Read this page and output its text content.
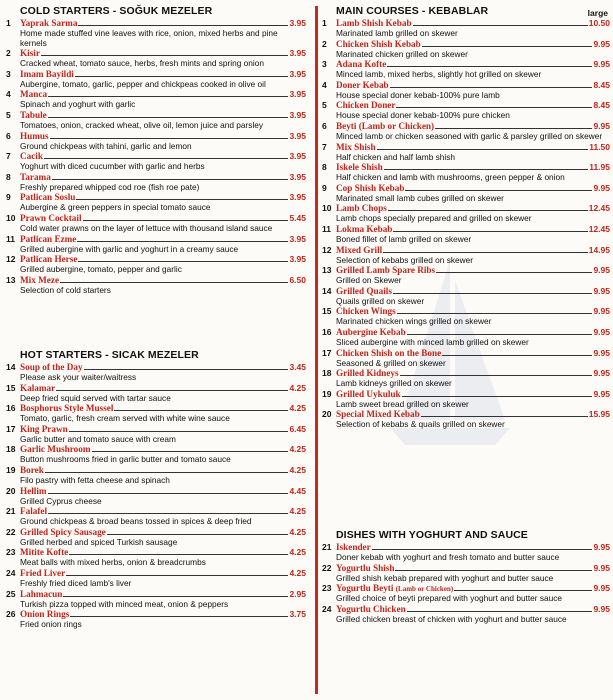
COLD STARTERS - SOĞUK MEZELER
1	Yaprak Sarma	3.95
Home made stuffed vine leaves with rice, onion, mixed herbs and pine kernels
2	Kisir	3.95
Cracked wheat, tomato sauce, herbs, fresh mints and spring onion
3	Imam Bayildi	3.95
Aubergine, tomato, garlic, pepper and chickpeas cooked in olive oil
4	Manca	3.95
Spinach and yoghurt with garlic
5	Tabule	3.95
Tomatoes, onion, cracked wheat, olive oil, lemon juice and parsley
6	Humus	3.95
Ground chickpeas with tahini, garlic and lemon
7	Cacik	3.95
Yoghurt with diced cucumber with garlic and herbs
8	Tarama	3.95
Freshly prepared whipped cod roe (fish roe pate)
9	Patlican Soslu	3.95
Aubergine & green peppers in special tomato sauce
10 Prawn Cocktail	5.45
Cold water prawns on the layer of lettuce with thousand island sauce
11 Patlican Ezme	3.95
Grilled aubergine with garlic and yoghurt in a creamy sauce
12 Patlican Herse	3.95
Grilled aubergine, tomato, pepper and garlic
13 Mix Meze	6.50
Selection of cold starters
HOT STARTERS - SICAK MEZELER
14 Soup of the Day	3.45
Please ask your waiter/waitress
15 Kalamar	4.25
Deep fried squid served with tartar sauce
16 Bosphorus Style Mussel	4.25
Tomato, garlic, fresh cream served with white wine sauce
17 King Prawn	6.45
Garlic butter and tomato sauce with cream
18 Garlic Mushroom	4.25
Button mushrooms fried in garlic butter and tomato sauce
19 Borek	4.25
Filo pastry with fetta cheese and spinach
20 Hellim	4.45
Grilled Cyprus cheese
21 Falafel	4.25
Ground chickpeas & broad beans tossed in spices & deep fried
22 Grilled Spicy Sausage	4.25
Grilled herbed and spiced Turkish sausage
23 Mitite Kofte	4.25
Meat balls with mixed herbs, onion & breadcrumbs
24 Fried Liver	4.25
Freshly fried diced lamb's liver
25 Lahmacun	2.95
Turkish pizza topped with minced meat, onion & peppers
26 Onion Rings	3.75
Fried onion rings
MAIN COURSES - KEBABLAR	large
1	Lamb Shish Kebab	10.50
Marinated lamb grilled on skewer
2	Chicken Shish Kebab	9.95
Marinated chicken grilled on skewer
3	Adana Kofte	9.95
Minced lamb, mixed herbs, slightly hot grilled on skewer
4	Doner Kebab	8.45
House special doner kebab-100% pure lamb
5	Chicken Doner	8.45
House special doner kebab-100% pure chicken
6	Beyti (Lamb or Chicken)	9.95
Minced lamb or chicken seasoned with garlic & parsley grilled on skewer
7	Mix Shish	11.50
Half chicken and half lamb shish
8	Iskele Shish	11.95
Half chicken and lamb with mushrooms, green pepper & onion
9	Cop Shish Kebab	9.95
Marinated small lamb cubes grilled on skewer
10 Lamb Chops	12.45
Lamb chops specially prepared and grilled on skewer
11 Lokma Kebab	12.45
Boned fillet of lamb grilled on skewer
12 Mixed Grill	14.95
Selection of kebabs grilled on skewer
13 Grilled Lamb Spare Ribs	9.95
Grilled on Skewer
14 Grilled Quails	9.95
Quails grilled on skewer
15 Chicken Wings	9.95
Marinated chicken wings grilled on skewer
16 Aubergine Kebab	9.95
Sliced aubergine with minced lamb grilled on skewer
17 Chicken Shish on the Bone	9.95
Seasoned & grilled on skewer
18 Grilled Kidneys	9.95
Lamb kidneys grilled on skewer
19 Grilled Uykuluk	9.95
Lamb sweet bread grilled on skewer
20 Special Mixed Kebab	15.95
Selection of kebabs & quails grilled on skewer
DISHES WITH YOGHURT AND SAUCE
21 Iskender	9.95
Doner kebab with yoghurt and fresh tomato and butter sauce
22 Yogurtlu Shish	9.95
Grilled shish kebab prepared with yoghurt and butter sauce
23 Yogurtlu Beyti (Lamb or Chicken)	9.95
Grilled choice of beyti prepared with yoghurt and butter sauce
24 Yogurtlu Chicken	9.95
Grilled chicken breast of chicken with yoghurt and butter sauce
